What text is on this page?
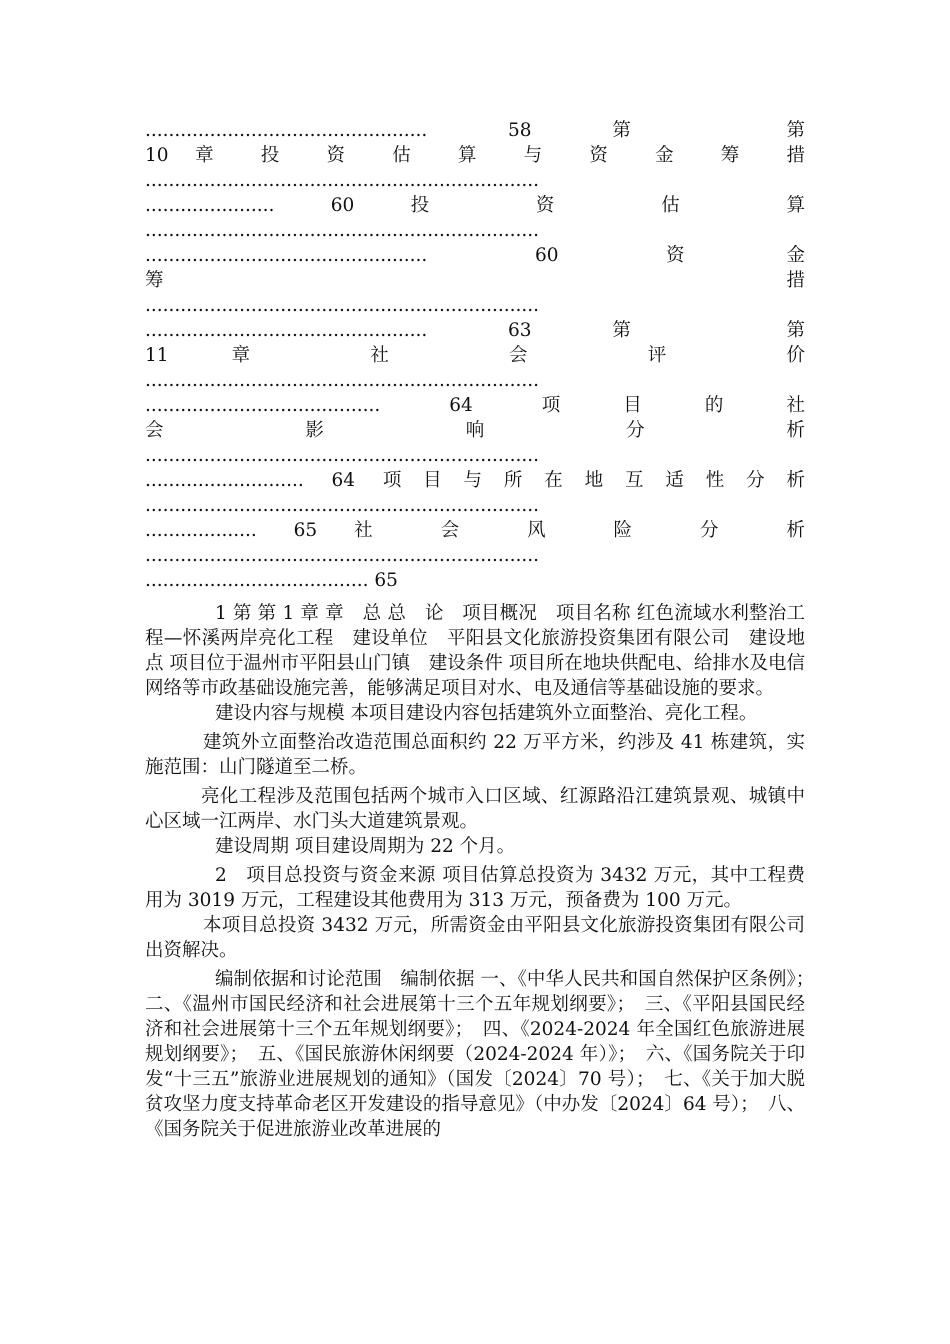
................................................ 58 第 第
10 章 投 资 估 算 与 资 金 筹 措
...................................................................
...................... 60 投 资 估 算
...................................................................
................................................ 60 资金
筹 措
...................................................................
................................................ 63 第 第
11 章 社 会 评 价
...................................................................
........................................ 64 项目的社
会 影 响 分 析
...................................................................
........................... 64 项目与所在地互适性分析
...................................................................
................... 65 社 会 风 险 分 析
...................................................................
...................................... 65

1 第 第 1 章 章　总 总　论　项目概况　项目名称 红色流域水利整治工程—怀溪两岸亮化工程　建设单位　平阳县文化旅游投资集团有限公司　建设地点 项目位于温州市平阳县山门镇　建设条件 项目所在地块供配电、给排水及电信网络等市政基础设施完善，能够满足项目对水、电及通信等基础设施的要求。

建设内容与规模 本项目建设内容包括建筑外立面整治、亮化工程。

建筑外立面整治改造范围总面积约 22 万平方米，约涉及 41 栋建筑，实施范围：山门隧道至二桥。

亮化工程涉及范围包括两个城市入口区域、红源路沿江建筑景观、城镇中心区域一江两岸、水门头大道建筑景观。

建设周期 项目建设周期为 22 个月。

2　项目总投资与资金来源 项目估算总投资为 3432 万元，其中工程费用为 3019 万元，工程建设其他费用为 313 万元，预备费为 100 万元。

本项目总投资 3432 万元，所需资金由平阳县文化旅游投资集团有限公司出资解决。

编制依据和讨论范围　编制依据 一、《中华人民共和国自然保护区条例》；　二、《温州市国民经济和社会进展第十三个五年规划纲要》；　三、《平阳县国民经济和社会进展第十三个五年规划纲要》；　四、《2024-2024 年全国红色旅游进展规划纲要》；　五、《国民旅游休闲纲要（2024-2024 年）》；　六、《国务院关于印发“十三五”旅游业进展规划的通知》（国发〔2024〕70 号）；　七、《关于加大脱贫攻坚力度支持革命老区开发建设的指导意见》（中办发〔2024〕64 号）；　八、《国务院关于促进旅游业改革进展的
